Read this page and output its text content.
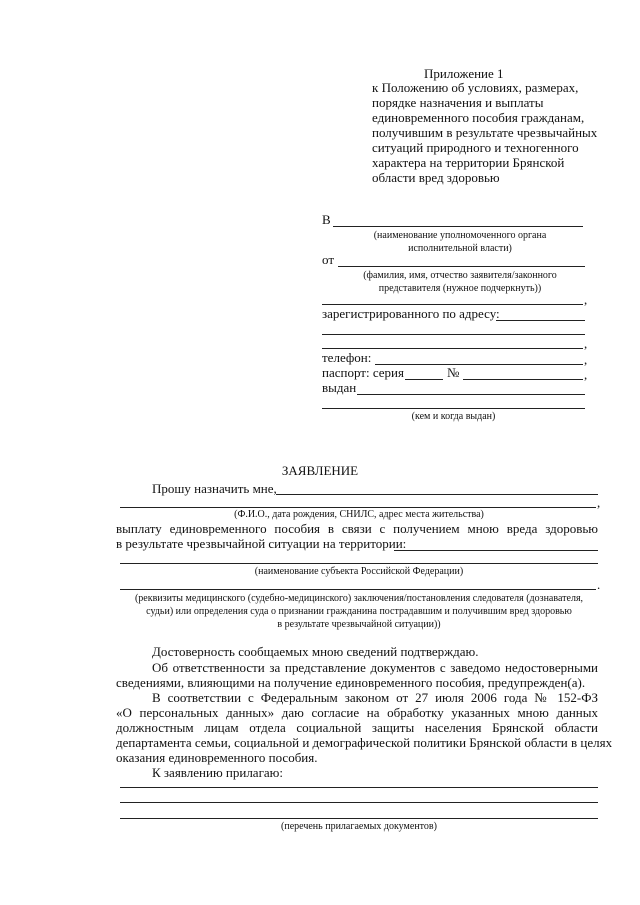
Приложение 1
к Положению об условиях, размерах,
порядке назначения и выплаты
единовременного пособия гражданам,
получившим в результате чрезвычайных
ситуаций природного и техногенного
характера на территории Брянской
области вред здоровью
В
(наименование уполномоченного органа
исполнительной власти)
от
(фамилия, имя, отчество заявителя/законного
представителя (нужное подчеркнуть))
,
зарегистрированного по адресу:
,
телефон:	,
паспорт: серия	№	,
выдан
(кем и когда выдан)
ЗАЯВЛЕНИЕ
Прошу назначить мне,
,
(Ф.И.О., дата рождения, СНИЛС, адрес места жительства)
выплату единовременного пособия в связи с получением мною вреда здоровью
в результате чрезвычайной ситуации на территории:
(наименование субъекта Российской Федерации)
.
(реквизиты медицинского (судебно-медицинского) заключения/постановления следователя (дознавателя,
судьи) или определения суда о признании гражданина пострадавшим и получившим вред здоровью
в результате чрезвычайной ситуации))
Достоверность сообщаемых мною сведений подтверждаю.
Об ответственности за представление документов с заведомо недостоверными
сведениями, влияющими на получение единовременного пособия, предупрежден(а).
В соответствии с Федеральным законом от 27 июля 2006 года № 152-ФЗ
«О персональных данных» даю согласие на обработку указанных мною данных
должностным лицам отдела социальной защиты населения Брянской области
департамента семьи, социальной и демографической политики Брянской области в целях
оказания единовременного пособия.
К заявлению прилагаю:
(перечень прилагаемых документов)
